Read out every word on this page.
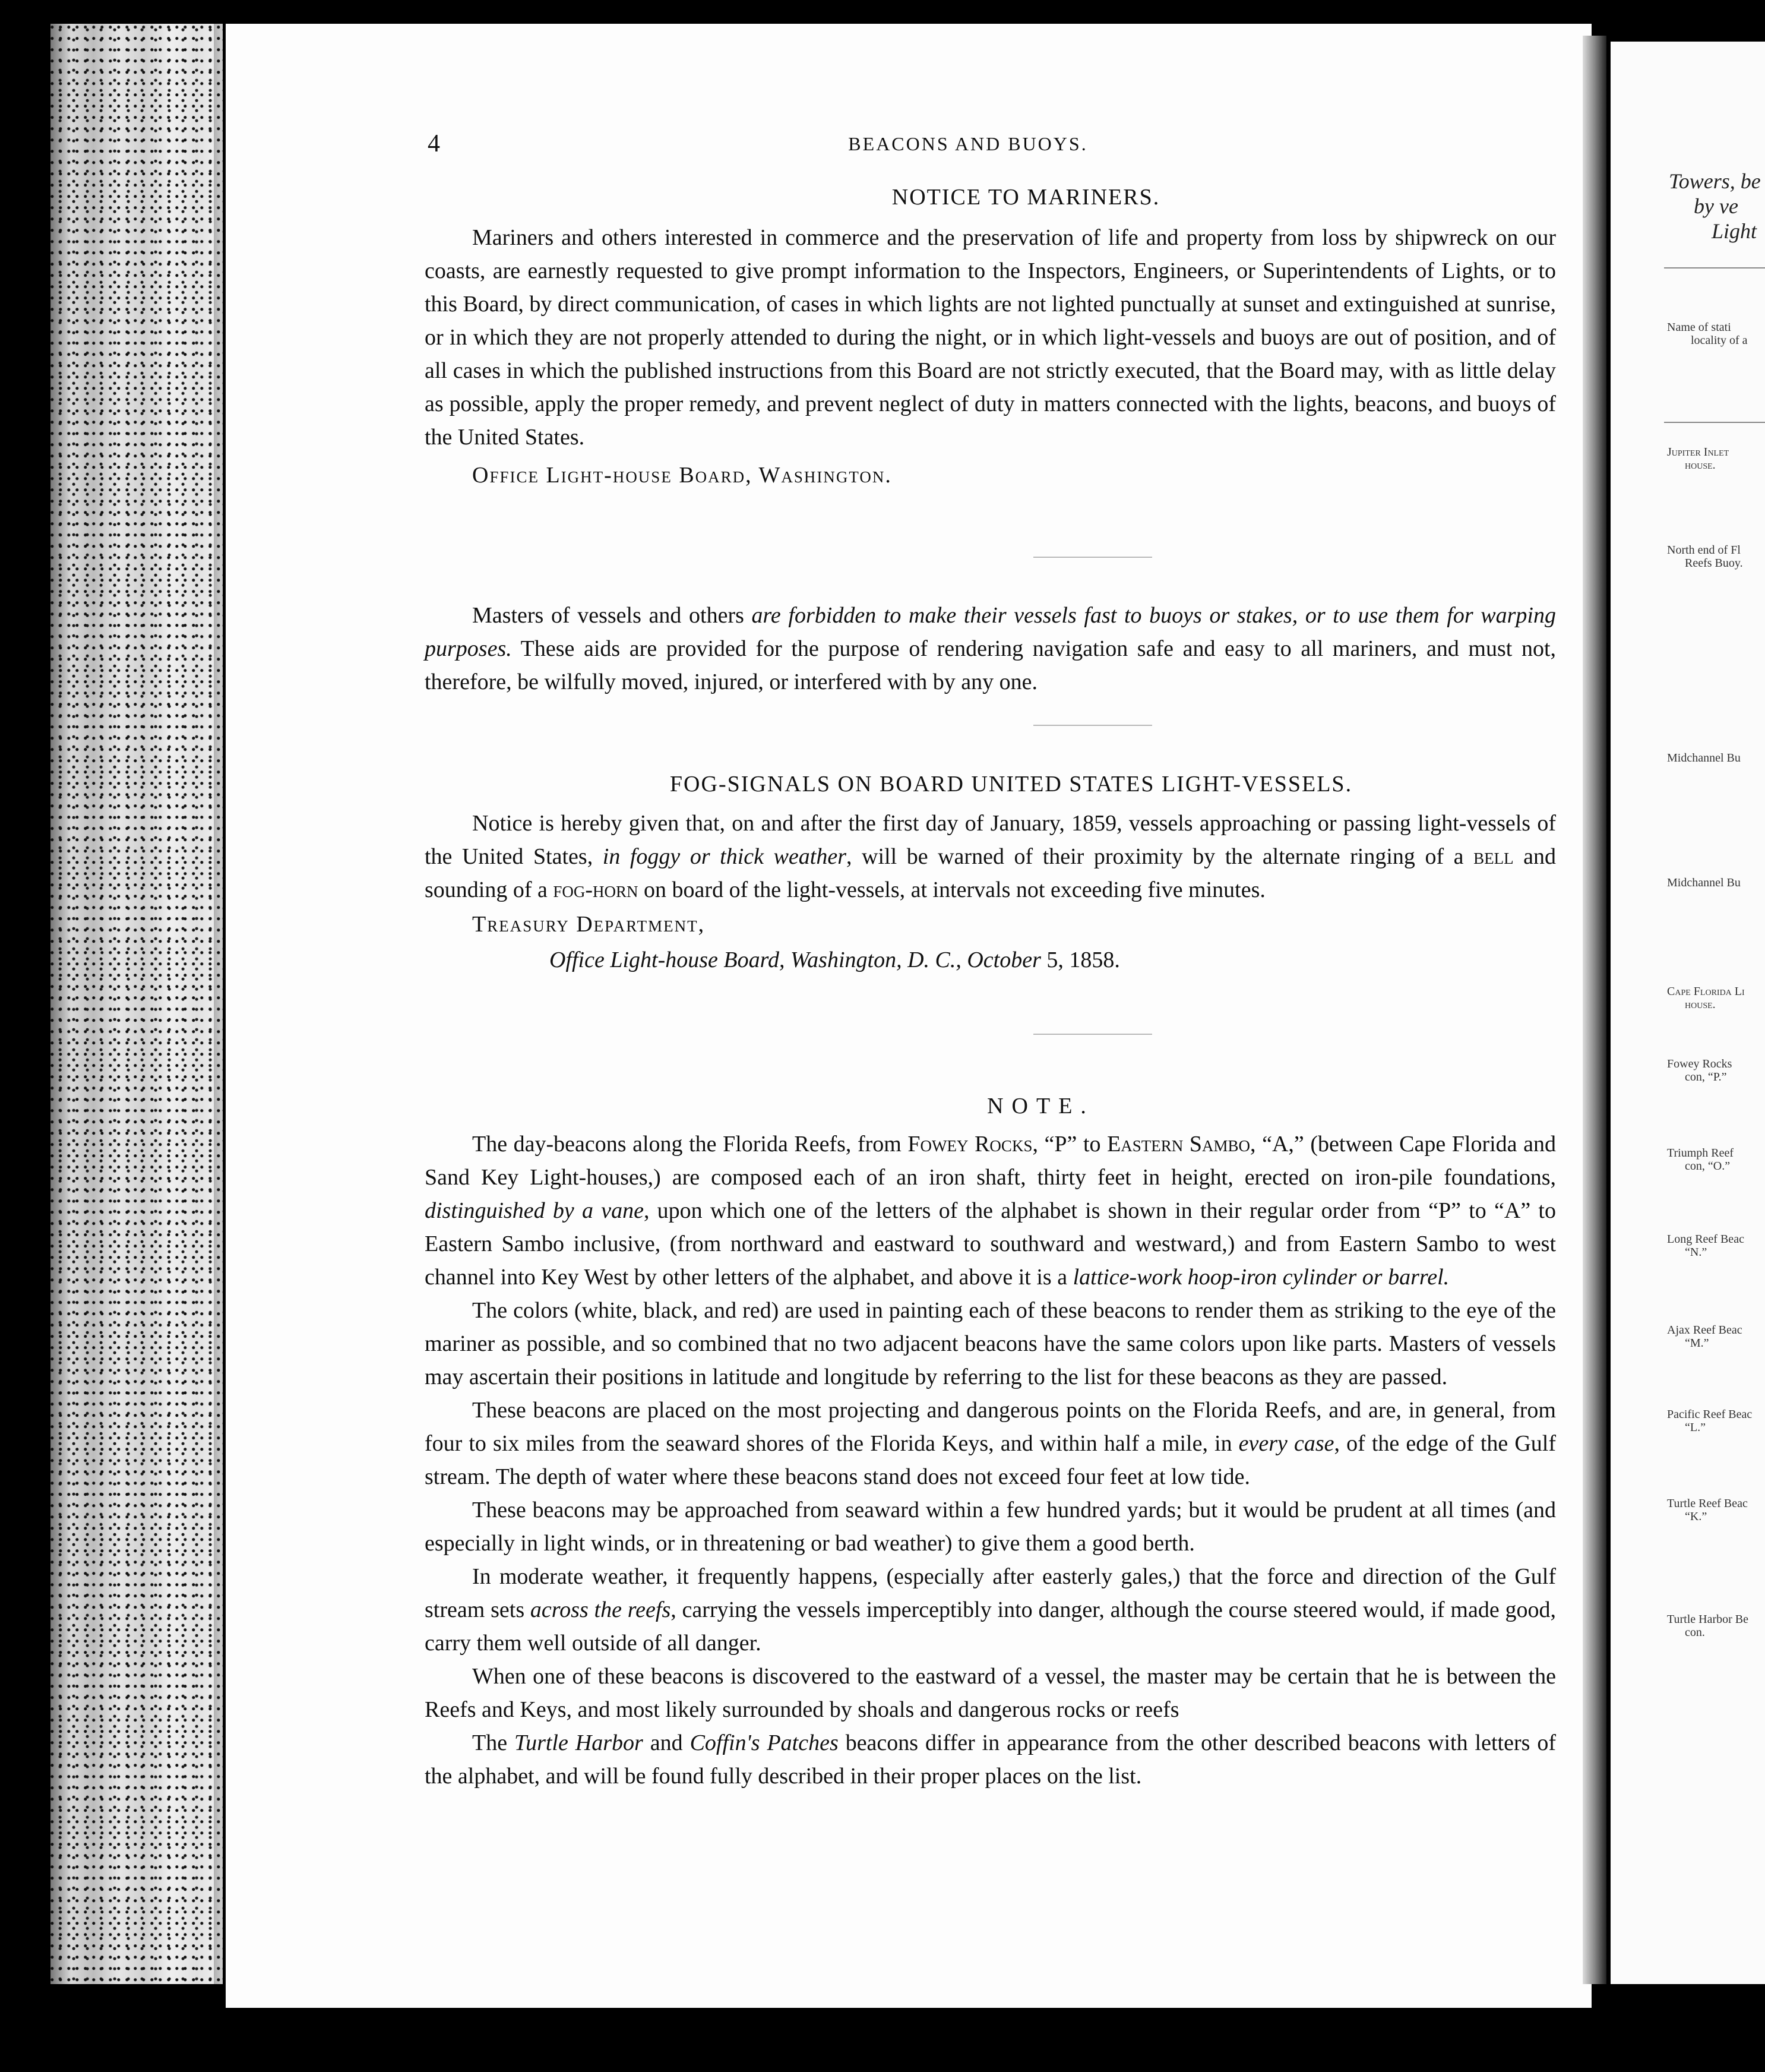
4	BEACONS AND BUOYS.
NOTICE TO MARINERS.

Mariners and others interested in commerce and the preservation of life and property from loss by shipwreck on our coasts, are earnestly requested to give prompt information to the Inspectors, Engineers, or Superintendents of Lights, or to this Board, by direct communication, of cases in which lights are not lighted punctually at sunset and extinguished at sunrise, or in which they are not properly attended to during the night, or in which light-vessels and buoys are out of position, and of all cases in which the published instructions from this Board are not strictly executed, that the Board may, with as little delay as possible, apply the proper remedy, and prevent neglect of duty in matters connected with the lights, beacons, and buoys of the United States.

Office Light-house Board, Washington.

Masters of vessels and others are forbidden to make their vessels fast to buoys or stakes, or to use them for warping purposes. These aids are provided for the purpose of rendering navigation safe and easy to all mariners, and must not, therefore, be wilfully moved, injured, or interfered with by any one.

FOG-SIGNALS ON BOARD UNITED STATES LIGHT-VESSELS.

Notice is hereby given that, on and after the first day of January, 1859, vessels approaching or passing light-vessels of the United States, in foggy or thick weather, will be warned of their proximity by the alternate ringing of a bell and sounding of a fog-horn on board of the light-vessels, at intervals not exceeding five minutes.

Treasury Department,

Office Light-house Board, Washington, D. C., October 5, 1858.

NOTE.

The day-beacons along the Florida Reefs, from Fowey Rocks, “P” to Eastern Sambo, “A,” (between Cape Florida and Sand Key Light-houses,) are composed each of an iron shaft, thirty feet in height, erected on iron-pile foundations, distinguished by a vane, upon which one of the letters of the alphabet is shown in their regular order from “P” to “A” to Eastern Sambo inclusive, (from northward and eastward to southward and westward,) and from Eastern Sambo to west channel into Key West by other letters of the alphabet, and above it is a lattice-work hoop-iron cylinder or barrel.

The colors (white, black, and red) are used in painting each of these beacons to render them as striking to the eye of the mariner as possible, and so combined that no two adjacent beacons have the same colors upon like parts. Masters of vessels may ascertain their positions in latitude and longitude by referring to the list for these beacons as they are passed.

These beacons are placed on the most projecting and dangerous points on the Florida Reefs, and are, in general, from four to six miles from the seaward shores of the Florida Keys, and within half a mile, in every case, of the edge of the Gulf stream. The depth of water where these beacons stand does not exceed four feet at low tide.

These beacons may be approached from seaward within a few hundred yards; but it would be prudent at all times (and especially in light winds, or in threatening or bad weather) to give them a good berth.

In moderate weather, it frequently happens, (especially after easterly gales,) that the force and direction of the Gulf stream sets across the reefs, carrying the vessels imperceptibly into danger, although the course steered would, if made good, carry them well outside of all danger.

When one of these beacons is discovered to the eastward of a vessel, the master may be certain that he is between the Reefs and Keys, and most likely surrounded by shoals and dangerous rocks or reefs

The Turtle Harbor and Coffin's Patches beacons differ in appearance from the other described beacons with letters of the alphabet, and will be found fully described in their proper places on the list.

Towers, be
by ve
Light
Name of stati
locality of a
Jupiter Inlet
house.
North end of Fl
Reefs Buoy.
Midchannel Bu
Midchannel Bu
Cape Florida Li
house.
Fowey Rocks
con, “P.”
Triumph Reef
con, “O.”
Long Reef Beac
“N.”
Ajax Reef Beac
“M.”
Pacific Reef Beac
“L.”
Turtle Reef Beac
“K.”
Turtle Harbor Be
con.
